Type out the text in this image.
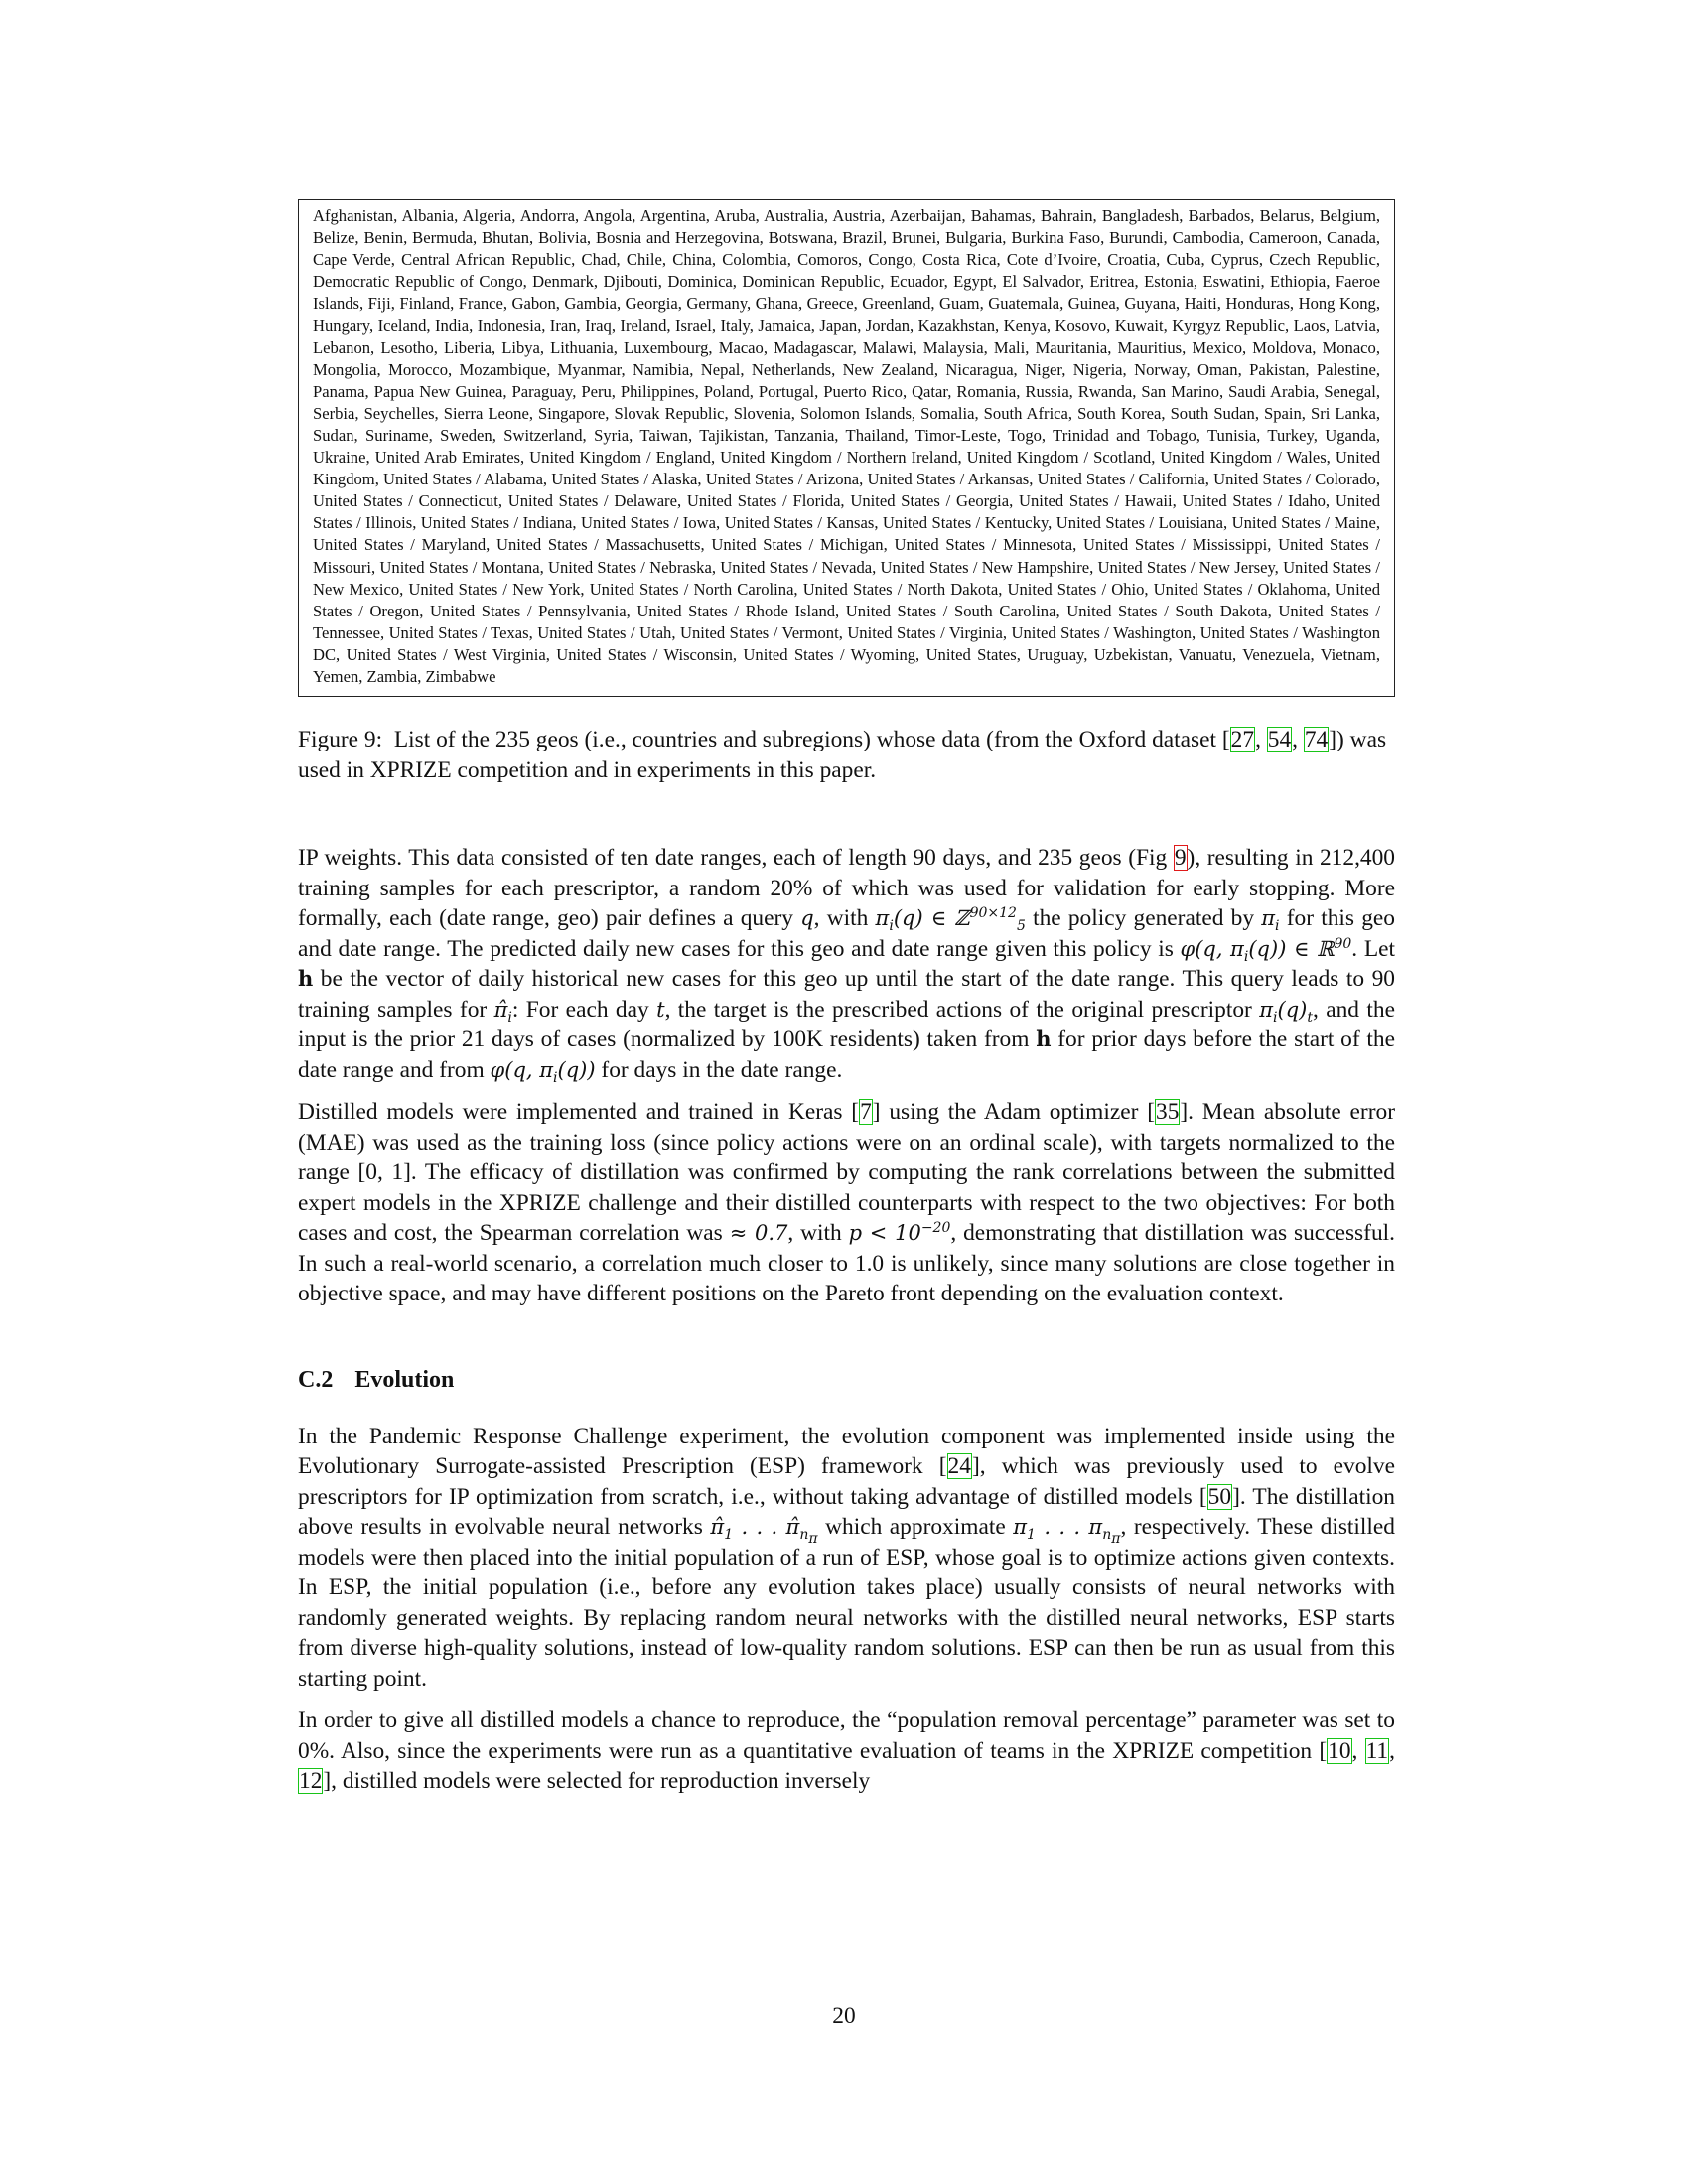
Afghanistan, Albania, Algeria, Andorra, Angola, Argentina, Aruba, Australia, Austria, Azerbaijan, Bahamas, Bahrain, Bangladesh, Barbados, Belarus, Belgium, Belize, Benin, Bermuda, Bhutan, Bolivia, Bosnia and Herzegovina, Botswana, Brazil, Brunei, Bulgaria, Burkina Faso, Burundi, Cambodia, Cameroon, Canada, Cape Verde, Central African Republic, Chad, Chile, China, Colombia, Comoros, Congo, Costa Rica, Cote d’Ivoire, Croatia, Cuba, Cyprus, Czech Republic, Democratic Republic of Congo, Denmark, Djibouti, Dominica, Dominican Republic, Ecuador, Egypt, El Salvador, Eritrea, Estonia, Eswatini, Ethiopia, Faeroe Islands, Fiji, Finland, France, Gabon, Gambia, Georgia, Germany, Ghana, Greece, Greenland, Guam, Guatemala, Guinea, Guyana, Haiti, Honduras, Hong Kong, Hungary, Iceland, India, Indonesia, Iran, Iraq, Ireland, Israel, Italy, Jamaica, Japan, Jordan, Kazakhstan, Kenya, Kosovo, Kuwait, Kyrgyz Republic, Laos, Latvia, Lebanon, Lesotho, Liberia, Libya, Lithuania, Luxembourg, Macao, Madagascar, Malawi, Malaysia, Mali, Mauritania, Mauritius, Mexico, Moldova, Monaco, Mongolia, Morocco, Mozambique, Myanmar, Namibia, Nepal, Netherlands, New Zealand, Nicaragua, Niger, Nigeria, Norway, Oman, Pakistan, Palestine, Panama, Papua New Guinea, Paraguay, Peru, Philippines, Poland, Portugal, Puerto Rico, Qatar, Romania, Russia, Rwanda, San Marino, Saudi Arabia, Senegal, Serbia, Seychelles, Sierra Leone, Singapore, Slovak Republic, Slovenia, Solomon Islands, Somalia, South Africa, South Korea, South Sudan, Spain, Sri Lanka, Sudan, Suriname, Sweden, Switzerland, Syria, Taiwan, Tajikistan, Tanzania, Thailand, Timor-Leste, Togo, Trinidad and Tobago, Tunisia, Turkey, Uganda, Ukraine, United Arab Emirates, United Kingdom / England, United Kingdom / Northern Ireland, United Kingdom / Scotland, United Kingdom / Wales, United Kingdom, United States / Alabama, United States / Alaska, United States / Arizona, United States / Arkansas, United States / California, United States / Colorado, United States / Connecticut, United States / Delaware, United States / Florida, United States / Georgia, United States / Hawaii, United States / Idaho, United States / Illinois, United States / Indiana, United States / Iowa, United States / Kansas, United States / Kentucky, United States / Louisiana, United States / Maine, United States / Maryland, United States / Massachusetts, United States / Michigan, United States / Minnesota, United States / Mississippi, United States / Missouri, United States / Montana, United States / Nebraska, United States / Nevada, United States / New Hampshire, United States / New Jersey, United States / New Mexico, United States / New York, United States / North Carolina, United States / North Dakota, United States / Ohio, United States / Oklahoma, United States / Oregon, United States / Pennsylvania, United States / Rhode Island, United States / South Carolina, United States / South Dakota, United States / Tennessee, United States / Texas, United States / Utah, United States / Vermont, United States / Virginia, United States / Washington, United States / Washington DC, United States / West Virginia, United States / Wisconsin, United States / Wyoming, United States, Uruguay, Uzbekistan, Vanuatu, Venezuela, Vietnam, Yemen, Zambia, Zimbabwe
Figure 9: List of the 235 geos (i.e., countries and subregions) whose data (from the Oxford dataset [27, 54, 74]) was used in XPRIZE competition and in experiments in this paper.

IP weights. This data consisted of ten date ranges, each of length 90 days, and 235 geos (Fig 9), resulting in 212,400 training samples for each prescriptor, a random 20% of which was used for validation for early stopping. More formally, each (date range, geo) pair defines a query q, with $\pi_i(q)$ ∈ ℤ$^{90\times 12}_5$ the policy generated by $\pi_i$ for this geo and date range. The predicted daily new cases for this geo and date range given this policy is φ(q, $\pi_i(q)$) ∈ ℝ$^{90}$. Let h be the vector of daily historical new cases for this geo up until the start of the date range. This query leads to 90 training samples for $\pî_i$: For each day t, the target is the prescribed actions of the original prescriptor $\pi_i(q)_t$, and the input is the prior 21 days of cases (normalized by 100K residents) taken from h for prior days before the start of the date range and from φ(q, $\pi_i(q)$) for days in the date range.

Distilled models were implemented and trained in Keras [7] using the Adam optimizer [35]. Mean absolute error (MAE) was used as the training loss (since policy actions were on an ordinal scale), with targets normalized to the range [0, 1]. The efficacy of distillation was confirmed by computing the rank correlations between the submitted expert models in the XPRIZE challenge and their distilled counterparts with respect to the two objectives: For both cases and cost, the Spearman correlation was ≈ 0.7, with $p < 10^{-20}$, demonstrating that distillation was successful. In such a real-world scenario, a correlation much closer to 1.0 is unlikely, since many solutions are close together in objective space, and may have different positions on the Pareto front depending on the evaluation context.

C.2 Evolution

In the Pandemic Response Challenge experiment, the evolution component was implemented inside using the Evolutionary Surrogate-assisted Prescription (ESP) framework [24], which was previously used to evolve prescriptors for IP optimization from scratch, i.e., without taking advantage of distilled models [50]. The distillation above results in evolvable neural networks $\pî_1$ . . . $\pî_{n_\pi}$ which approximate $\pi_1$ . . . $\pi_{n_\pi}$, respectively. These distilled models were then placed into the initial population of a run of ESP, whose goal is to optimize actions given contexts. In ESP, the initial population (i.e., before any evolution takes place) usually consists of neural networks with randomly generated weights. By replacing random neural networks with the distilled neural networks, ESP starts from diverse high-quality solutions, instead of low-quality random solutions. ESP can then be run as usual from this starting point.

In order to give all distilled models a chance to reproduce, the “population removal percentage” parameter was set to 0%. Also, since the experiments were run as a quantitative evaluation of teams in the XPRIZE competition [10, 11, 12], distilled models were selected for reproduction inversely

20
